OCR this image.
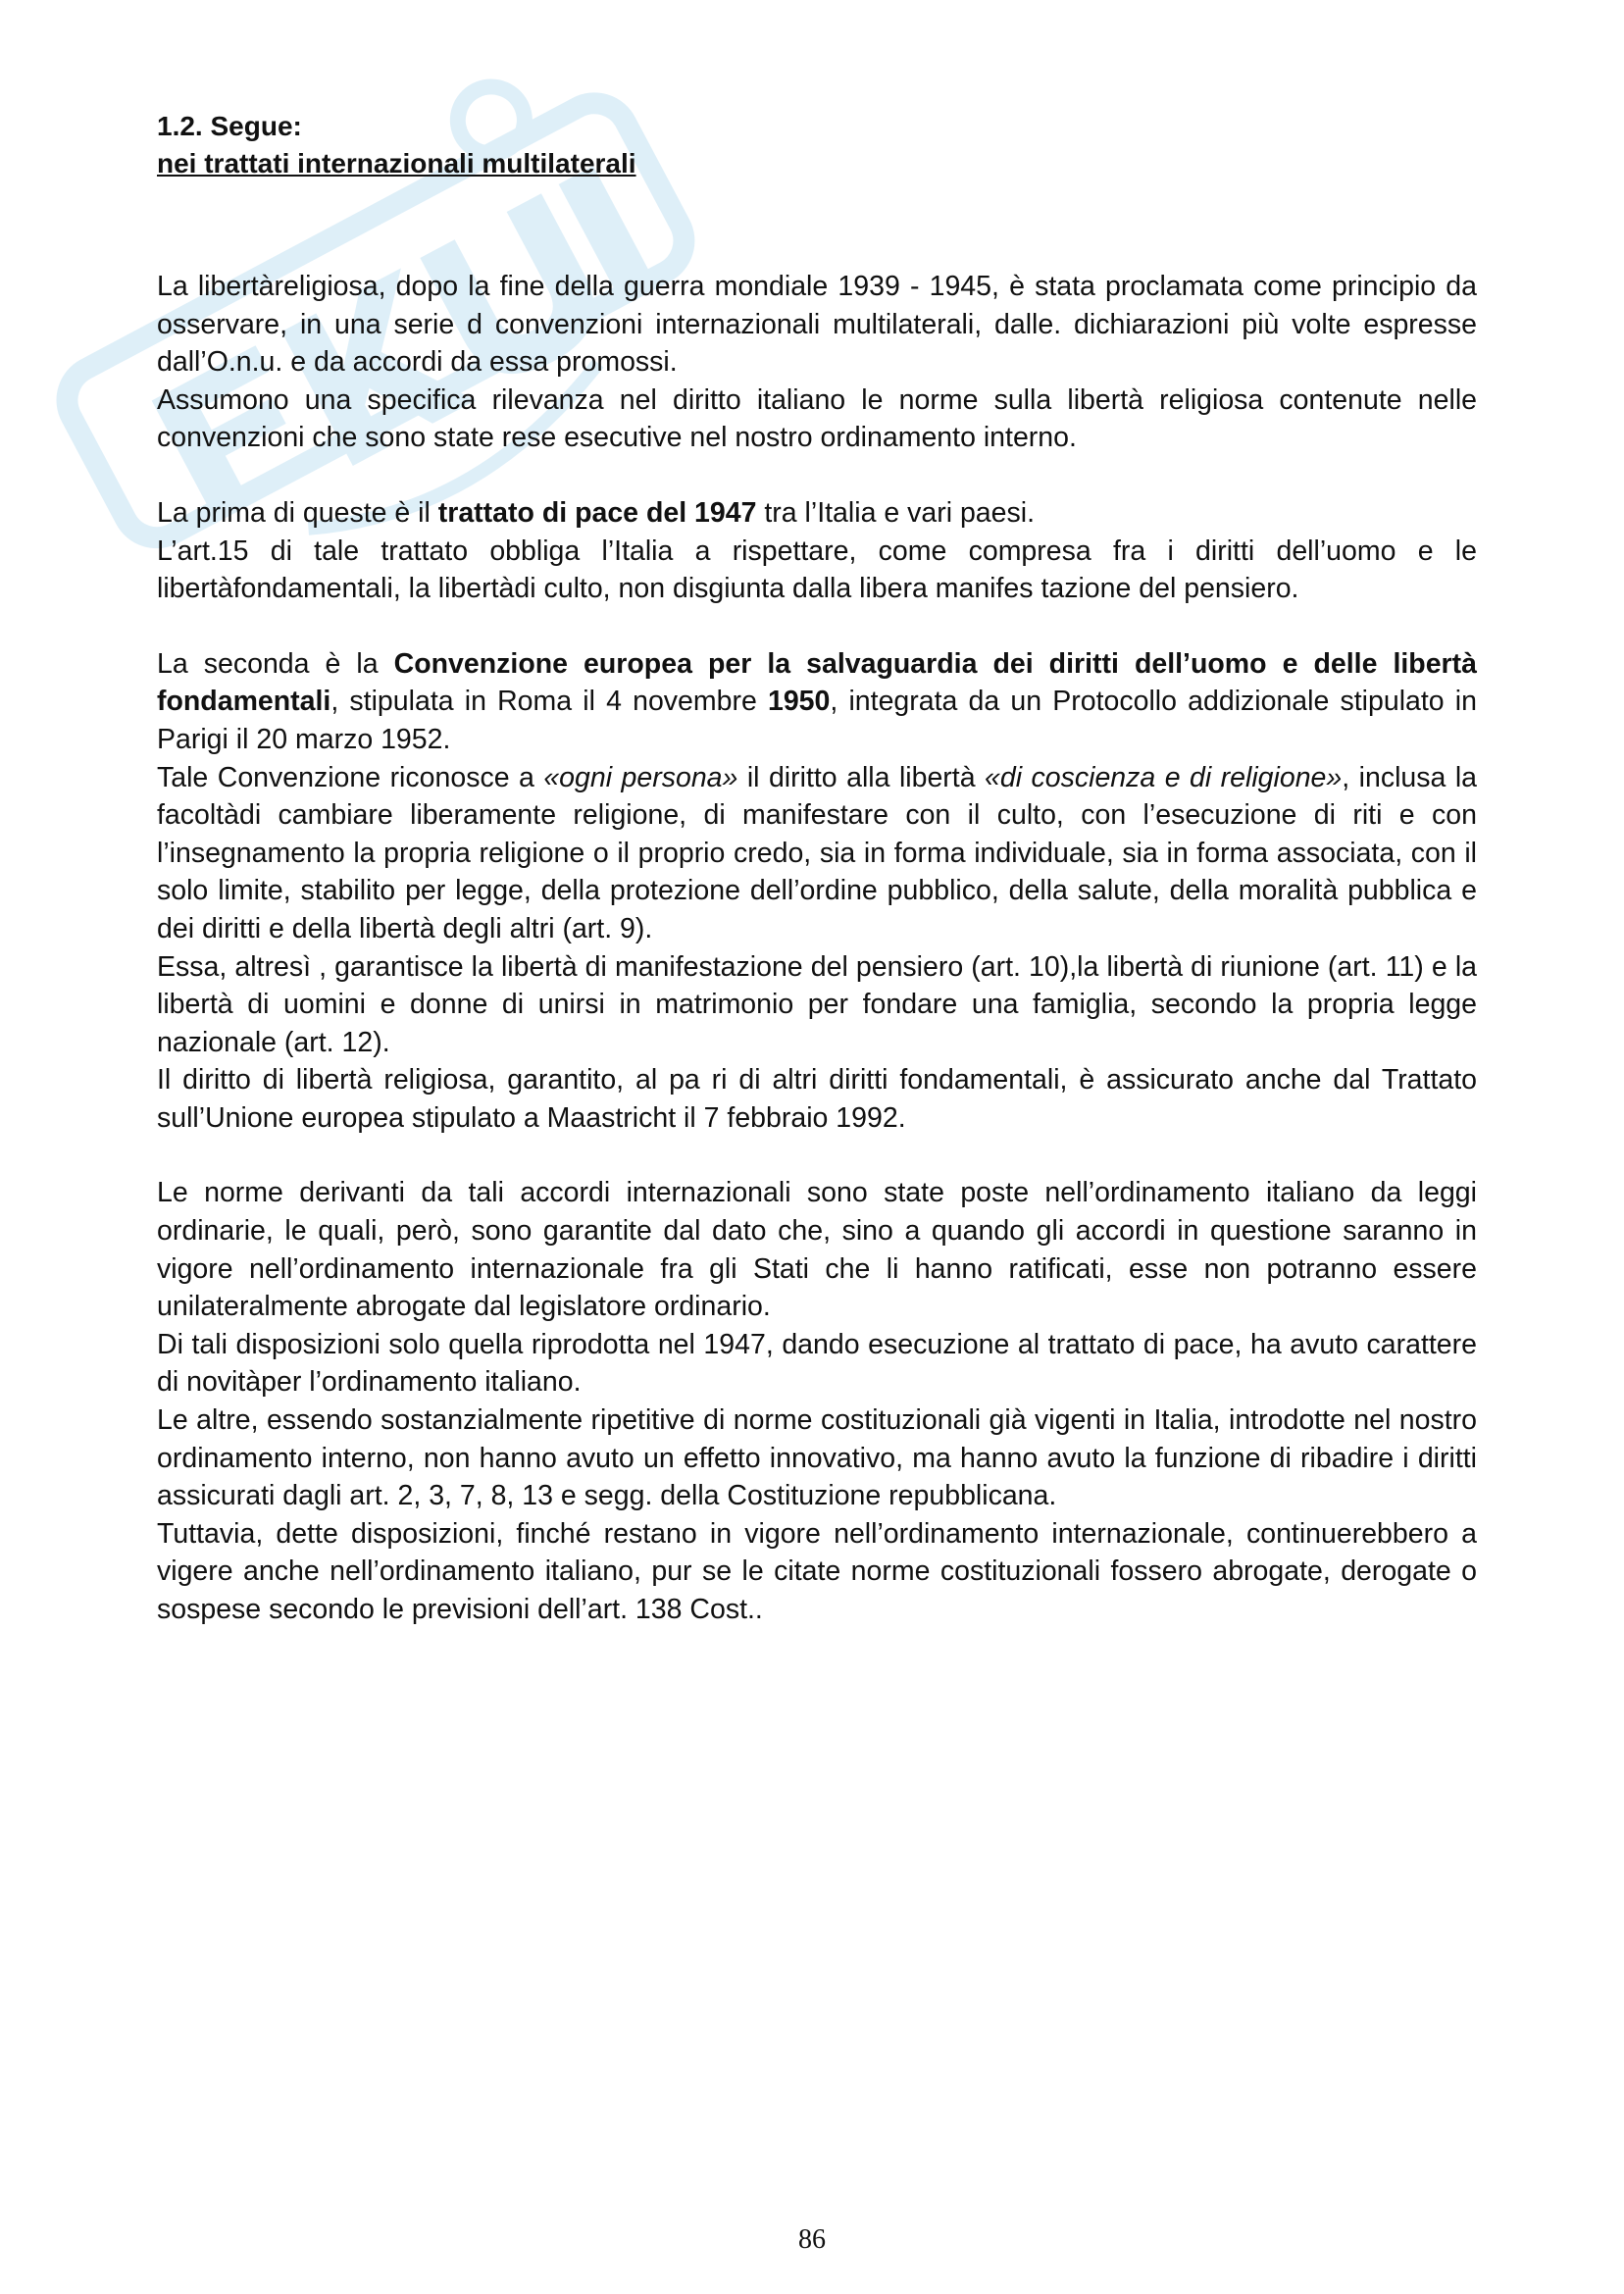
1.2. Segue:
nei trattati internazionali multilaterali

La libertàreligiosa, dopo la fine della guerra mondiale 1939 - 1945, è stata proclamata come principio da osservare, in una serie d convenzioni internazionali multilaterali, dalle. dichiarazioni più volte espresse dall’O.n.u. e da accordi da essa promossi.

Assumono una specifica rilevanza nel diritto italiano le norme sulla libertà religiosa contenute nelle convenzioni che sono state rese esecutive nel nostro ordinamento interno.

La prima di queste è il trattato di pace del 1947 tra l’Italia e vari paesi.

L’art.15 di tale trattato obbliga l’Italia a rispettare, come compresa fra i diritti dell’uomo e le libertàfondamentali, la libertàdi culto, non disgiunta dalla libera manifes tazione del pensiero.

La seconda è la Convenzione europea per la salvaguardia dei diritti dell’uomo e delle libertà fondamentali, stipulata in Roma il 4 novembre 1950, integrata da un Protocollo addizionale stipulato in Parigi il 20 marzo 1952.

Tale Convenzione riconosce a «ogni persona» il diritto alla libertà «di coscienza e di religione», inclusa la facoltàdi cambiare liberamente religione, di manifestare con il culto, con l’esecuzione di riti e con l’insegnamento la propria religione o il proprio credo, sia in forma individuale, sia in forma associata, con il solo limite, stabilito per legge, della protezione dell’ordine pubblico, della salute, della moralità pubblica e dei diritti e della libertà degli altri (art. 9).

Essa, altresì , garantisce la libertà di manifestazione del pensiero (art. 10),la libertà di riunione (art. 11) e la libertà di uomini e donne di unirsi in matrimonio per fondare una famiglia, secondo la propria legge nazionale (art. 12).

Il diritto di libertà religiosa, garantito, al pa ri di altri diritti fondamentali, è assicurato anche dal Trattato sull’Unione europea stipulato a Maastricht il 7 febbraio 1992.

Le norme derivanti da tali accordi internazionali sono state poste nell’ordinamento italiano da leggi ordinarie, le quali, però, sono garantite dal dato che, sino a quando gli accordi in questione saranno in vigore nell’ordinamento internazionale fra gli Stati che li hanno ratificati, esse non potranno essere unilateralmente abrogate dal legislatore ordinario.

Di tali disposizioni solo quella riprodotta nel 1947, dando esecuzione al trattato di pace, ha avuto carattere di novitàper l’ordinamento italiano.

Le altre, essendo sostanzialmente ripetitive di norme costituzionali già vigenti in Italia, introdotte nel nostro ordinamento interno, non hanno avuto un effetto innovativo, ma hanno avuto la funzione di ribadire i diritti assicurati dagli art. 2, 3, 7, 8, 13 e segg. della Costituzione repubblicana.

Tuttavia, dette disposizioni, finché restano in vigore nell’ordinamento internazionale, continuerebbero a vigere anche nell’ordinamento italiano, pur se le citate norme costituzionali fossero abrogate, derogate o sospese secondo le previsioni dell’art. 138 Cost..

86
